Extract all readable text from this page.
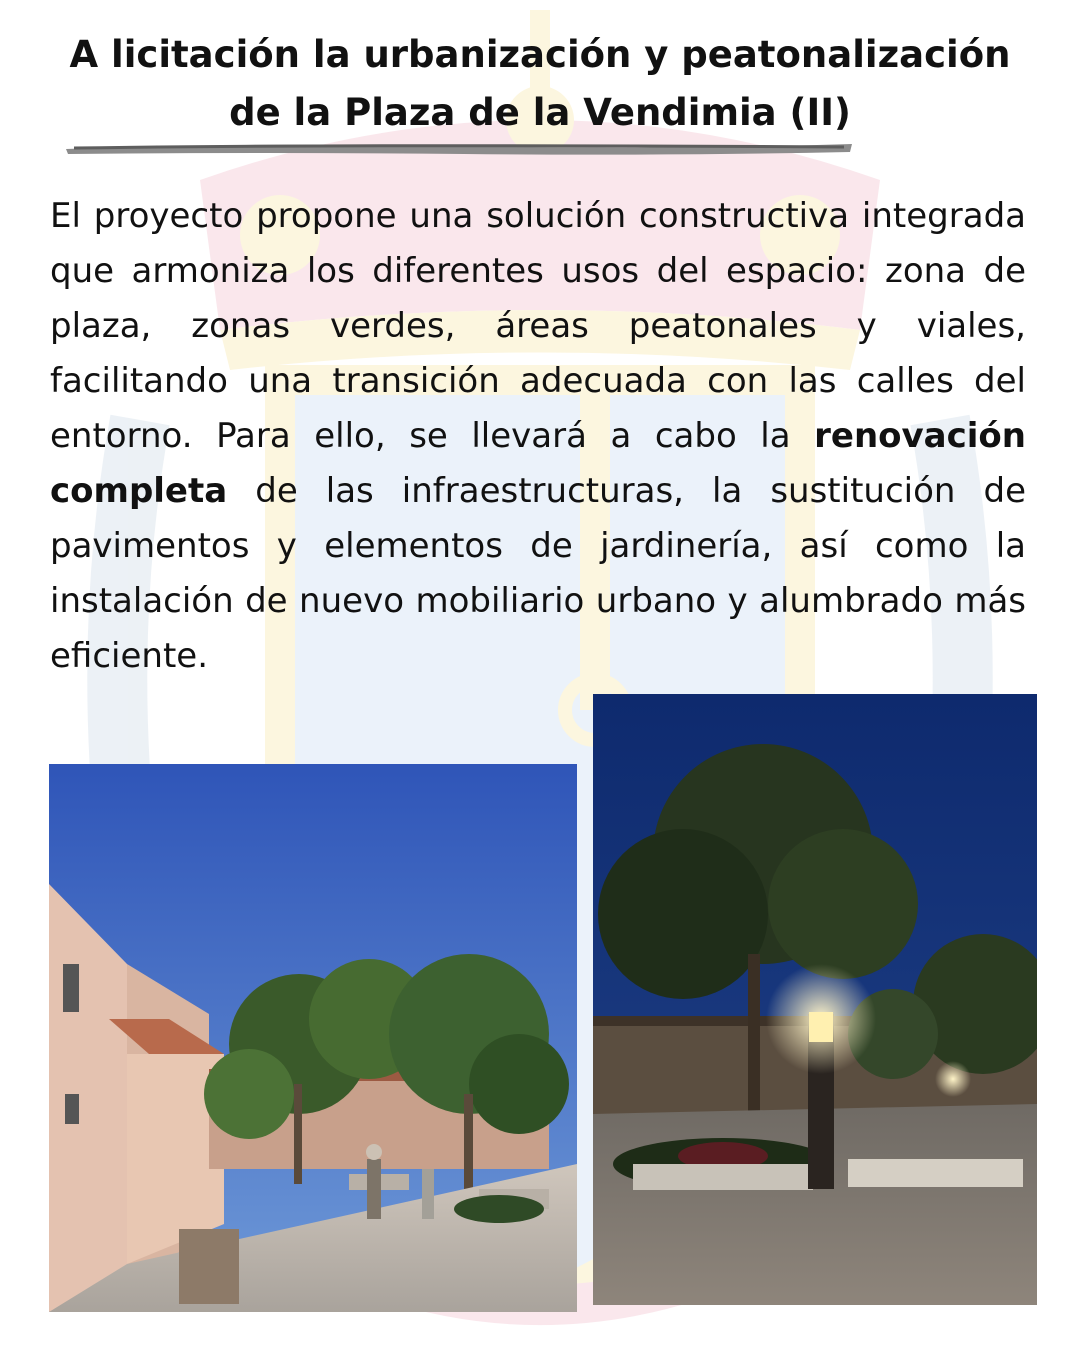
A licitación la urbanización y peatonalización
de la Plaza de la Vendimia (II)

El proyecto propone una solución constructiva integrada que armoniza los diferentes usos del espacio: zona de plaza, zonas verdes, áreas peatonales y viales, facilitando una transición adecuada con las calles del entorno. Para ello, se llevará a cabo la renovación completa de las infraestructuras, la sustitución de pavimentos y elementos de jardinería, así como la instalación de nuevo mobiliario urbano y alumbrado más eficiente.
